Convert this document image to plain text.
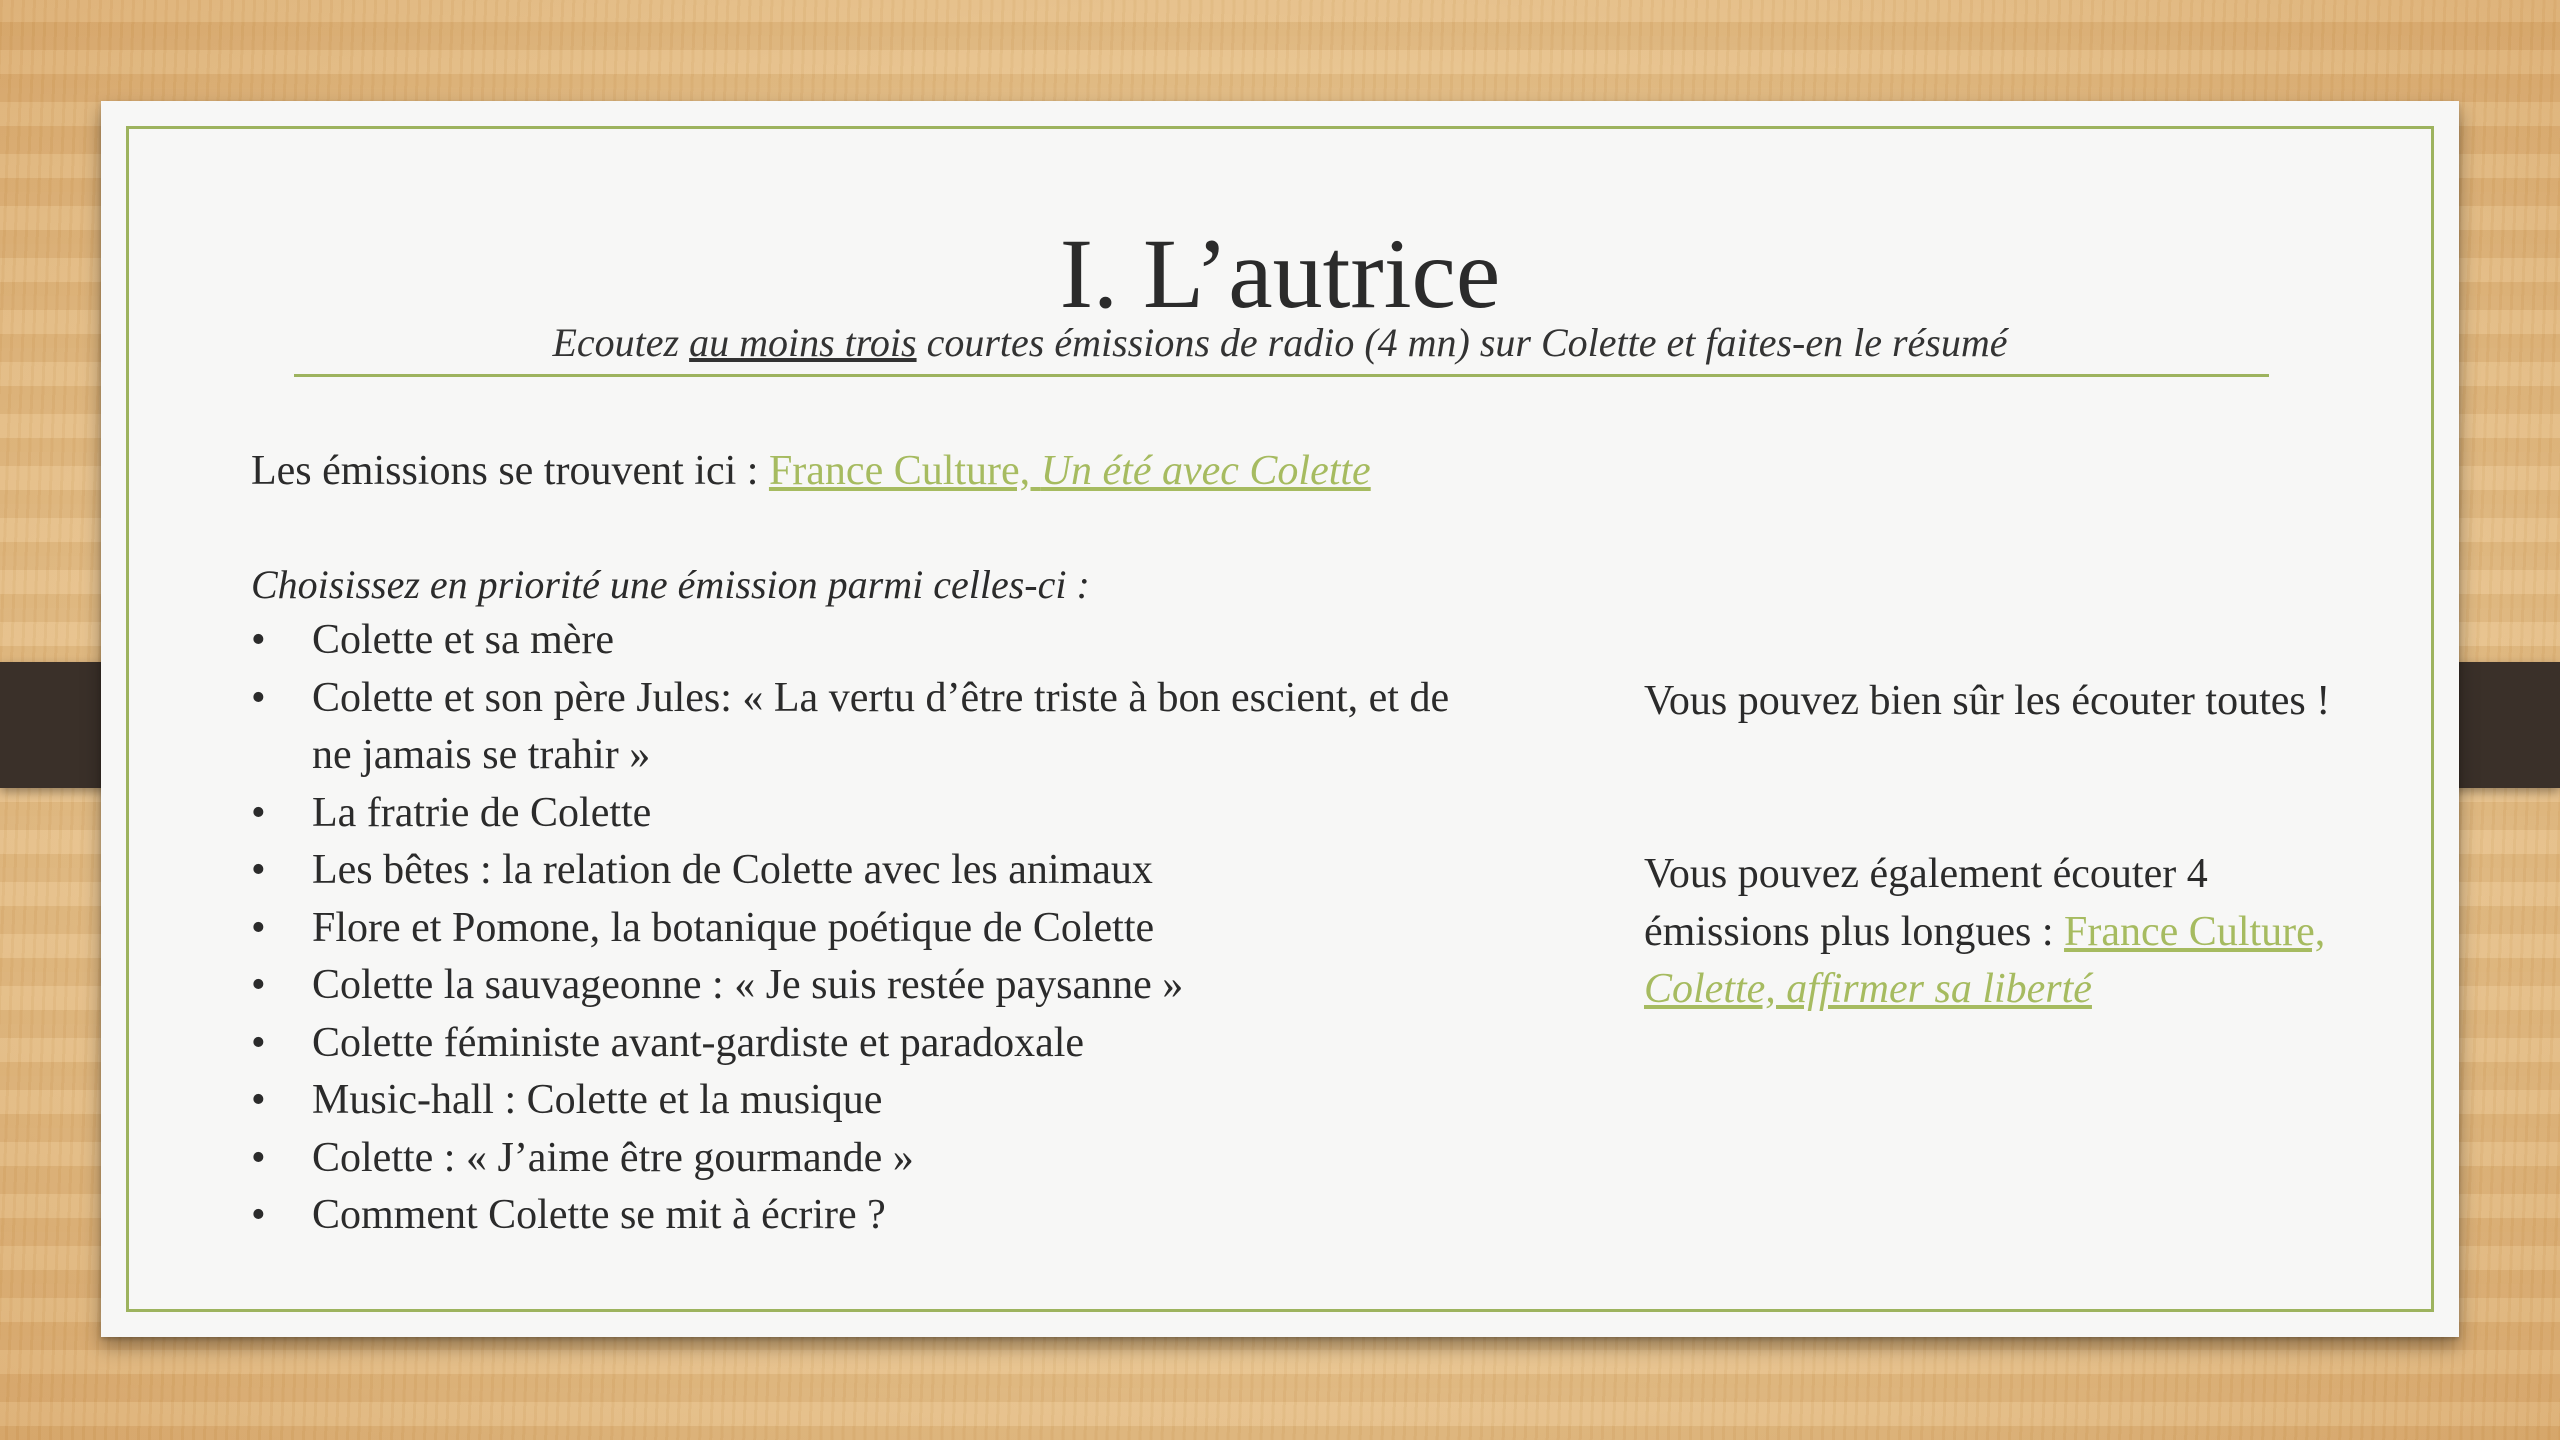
I. L’autrice
Ecoutez au moins trois courtes émissions de radio (4 mn) sur Colette et faites-en le résumé
Les émissions se trouvent ici : France Culture, Un été avec Colette
Choisissez en priorité une émission parmi celles-ci :
• Colette et sa mère
• Colette et son père Jules: « La vertu d’être triste à bon escient, et de ne jamais se trahir »
• La fratrie de Colette
• Les bêtes : la relation de Colette avec les animaux
• Flore et Pomone, la botanique poétique de Colette
• Colette la sauvageonne : « Je suis restée paysanne »
• Colette féministe avant-gardiste et paradoxale
• Music-hall : Colette et la musique
• Colette : « J’aime être gourmande »
• Comment Colette se mit à écrire ?
Vous pouvez bien sûr les écouter toutes !
Vous pouvez également écouter 4 émissions plus longues : France Culture, Colette, affirmer sa liberté
